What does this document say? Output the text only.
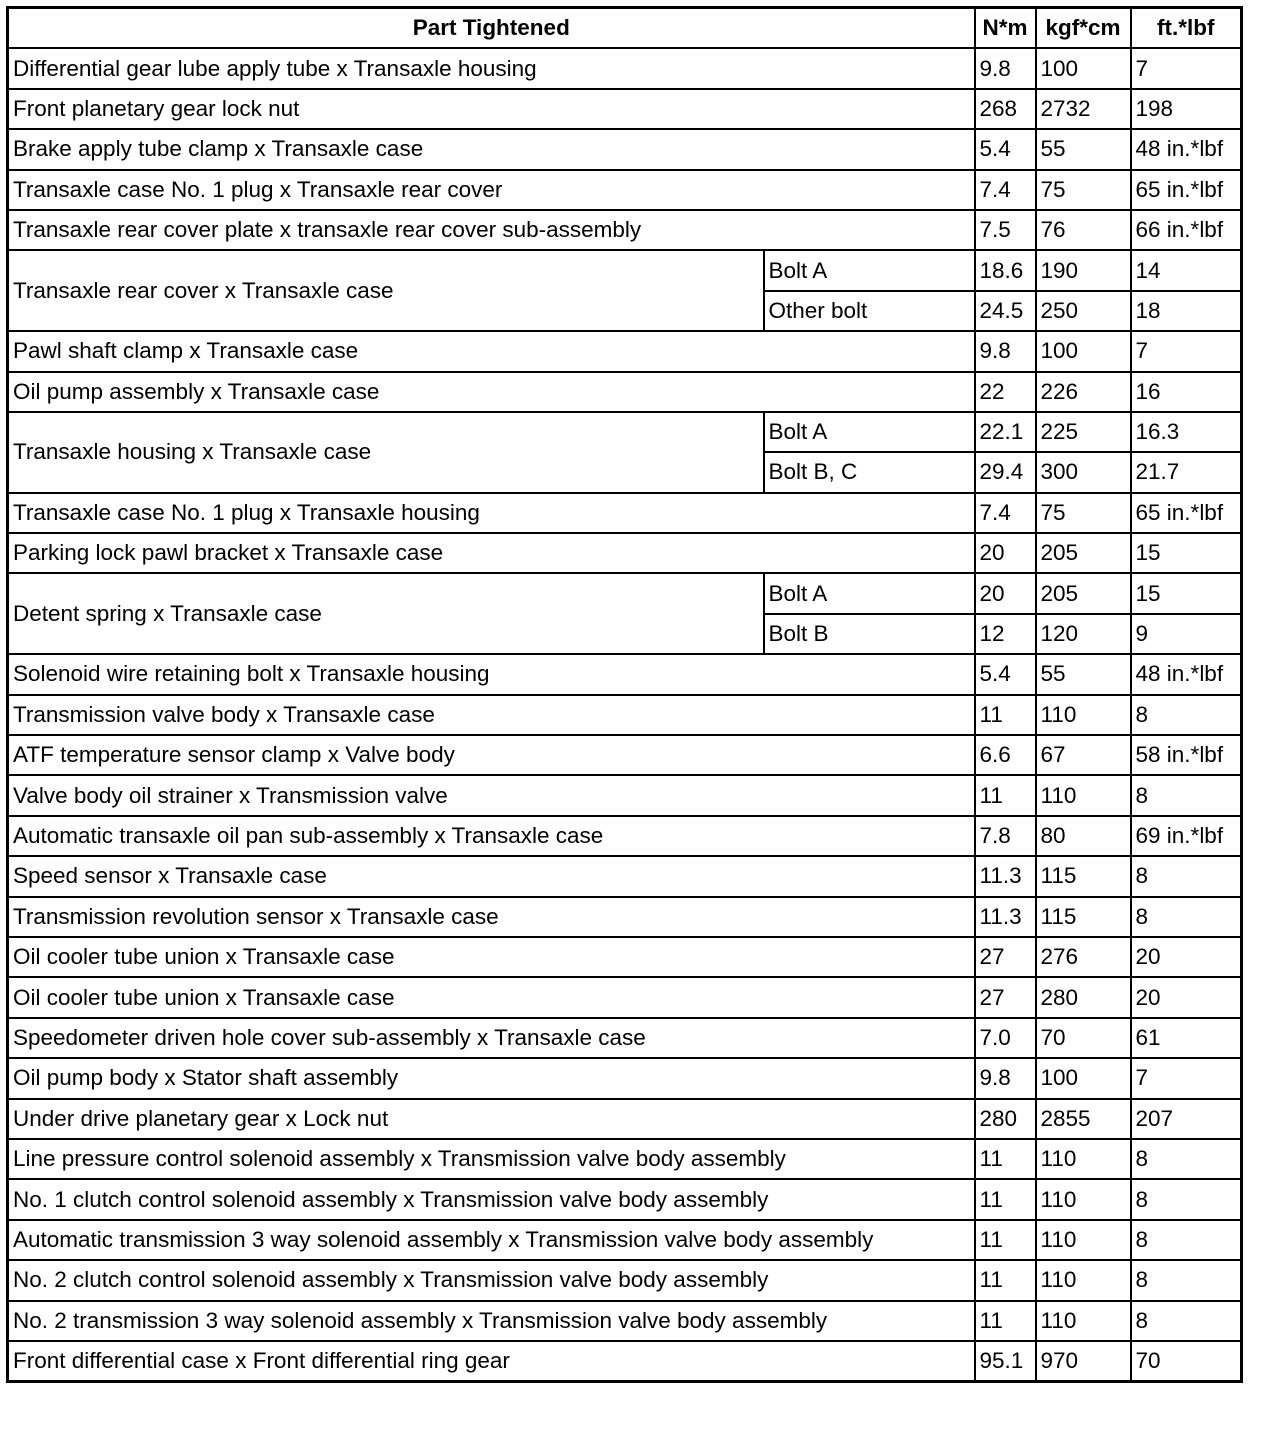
Part Tightened		N*m	kgf*cm	ft.*lbf
Differential gear lube apply tube x Transaxle housing		9.8	100	7
Front planetary gear lock nut		268	2732	198
Brake apply tube clamp x Transaxle case		5.4	55	48 in.*lbf
Transaxle case No. 1 plug x Transaxle rear cover		7.4	75	65 in.*lbf
Transaxle rear cover plate x transaxle rear cover sub-assembly		7.5	76	66 in.*lbf
Transaxle rear cover x Transaxle case	Bolt A	18.6	190	14
	Other bolt	24.5	250	18
Pawl shaft clamp x Transaxle case		9.8	100	7
Oil pump assembly x Transaxle case		22	226	16
Transaxle housing x Transaxle case	Bolt A	22.1	225	16.3
	Bolt B, C	29.4	300	21.7
Transaxle case No. 1 plug x Transaxle housing		7.4	75	65 in.*lbf
Parking lock pawl bracket x Transaxle case		20	205	15
Detent spring x Transaxle case	Bolt A	20	205	15
	Bolt B	12	120	9
Solenoid wire retaining bolt x Transaxle housing		5.4	55	48 in.*lbf
Transmission valve body x Transaxle case		11	110	8
ATF temperature sensor clamp x Valve body		6.6	67	58 in.*lbf
Valve body oil strainer x Transmission valve		11	110	8
Automatic transaxle oil pan sub-assembly x Transaxle case		7.8	80	69 in.*lbf
Speed sensor x Transaxle case		11.3	115	8
Transmission revolution sensor x Transaxle case		11.3	115	8
Oil cooler tube union x Transaxle case		27	276	20
Oil cooler tube union x Transaxle case		27	280	20
Speedometer driven hole cover sub-assembly x Transaxle case		7.0	70	61
Oil pump body x Stator shaft assembly		9.8	100	7
Under drive planetary gear x Lock nut		280	2855	207
Line pressure control solenoid assembly x Transmission valve body assembly		11	110	8
No. 1 clutch control solenoid assembly x Transmission valve body assembly		11	110	8
Automatic transmission 3 way solenoid assembly x Transmission valve body assembly		11	110	8
No. 2 clutch control solenoid assembly x Transmission valve body assembly		11	110	8
No. 2 transmission 3 way solenoid assembly x Transmission valve body assembly		11	110	8
Front differential case x Front differential ring gear		95.1	970	70
